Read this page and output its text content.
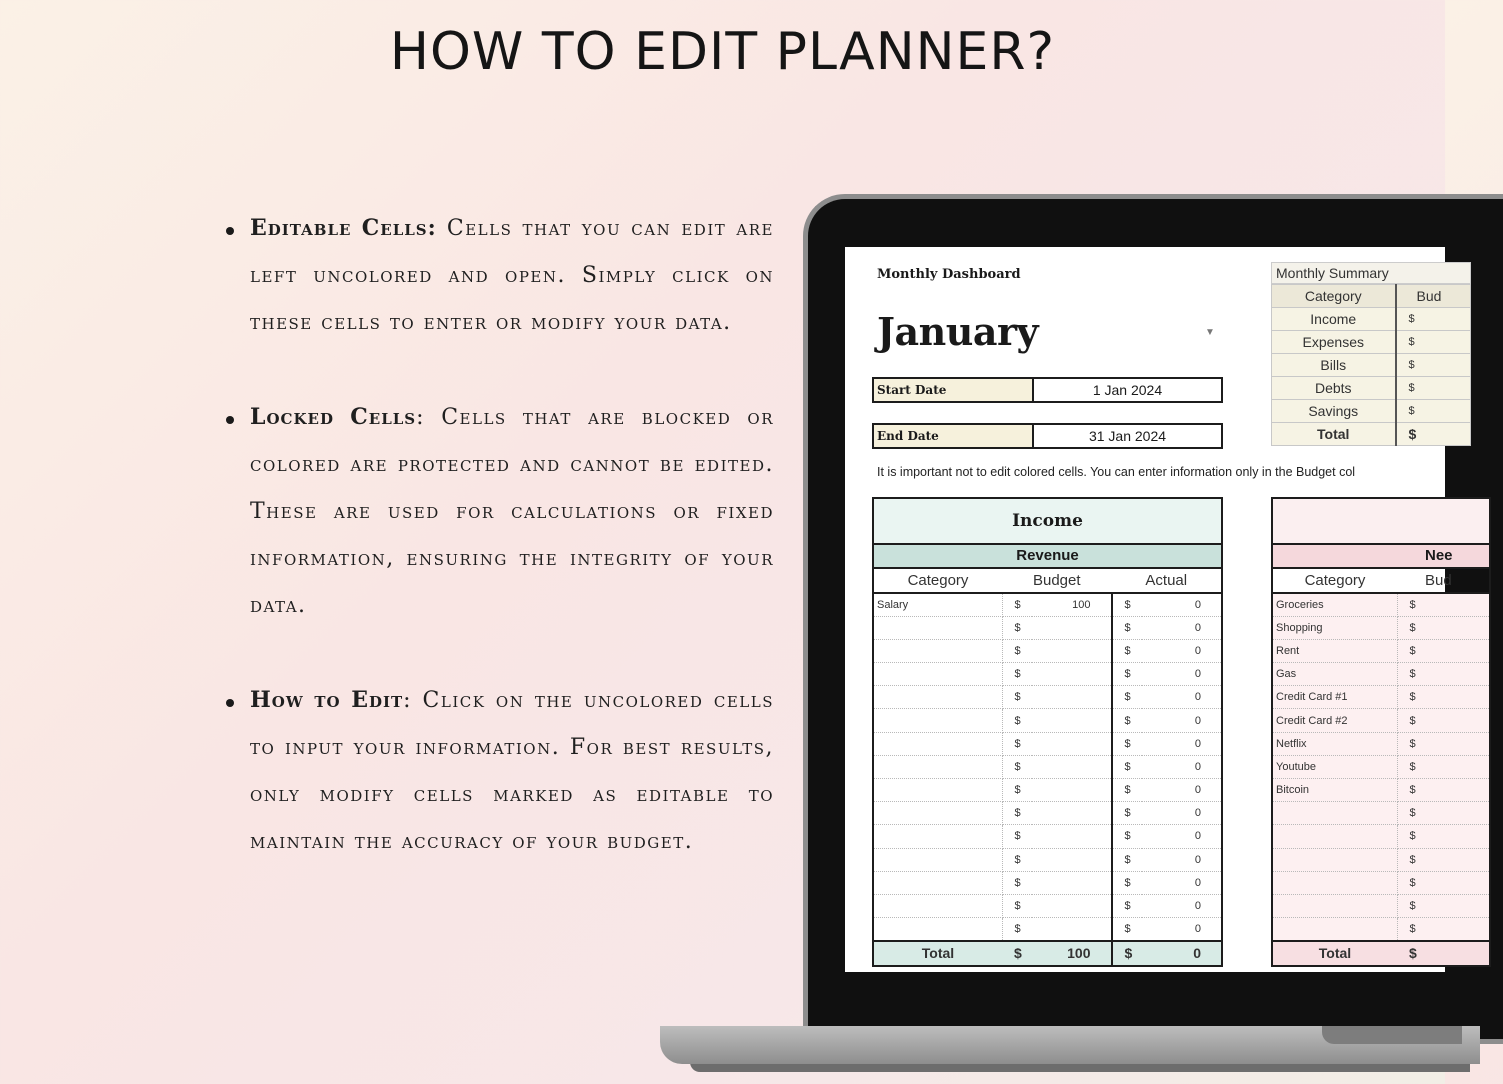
HOW TO EDIT PLANNER?

Editable Cells: Cells that you can edit are left uncolored and open. Simply click on these cells to enter or modify your data.

Locked Cells: Cells that are blocked or colored are protected and cannot be edited. These are used for calculations or fixed information, ensuring the integrity of your data.

How to Edit: Click on the uncolored cells to input your information. For best results, only modify cells marked as editable to maintain the accuracy of your budget.

Monthly Dashboard
January	▼
Start Date	1 Jan 2024
End Date	31 Jan 2024
It is important not to edit colored cells. You can enter information only in the Budget col
Monthly Summary
Category	Bud
Income	$
Expenses	$
Bills	$
Debts	$
Savings	$
Total	$
Income
Revenue
Category	Budget		Actual	
Salary	$	100	$	0
	$		$	0
	$		$	0
	$		$	0
	$		$	0
	$		$	0
	$		$	0
	$		$	0
	$		$	0
	$		$	0
	$		$	0
	$		$	0
	$		$	0
	$		$	0
	$		$	0
Total	$	100	$	0
Nee
Category	Bud
Groceries	$
Shopping	$
Rent	$
Gas	$
Credit Card #1	$
Credit Card #2	$
Netflix	$
Youtube	$
Bitcoin	$
	$
	$
	$
	$
	$
	$
Total	$
